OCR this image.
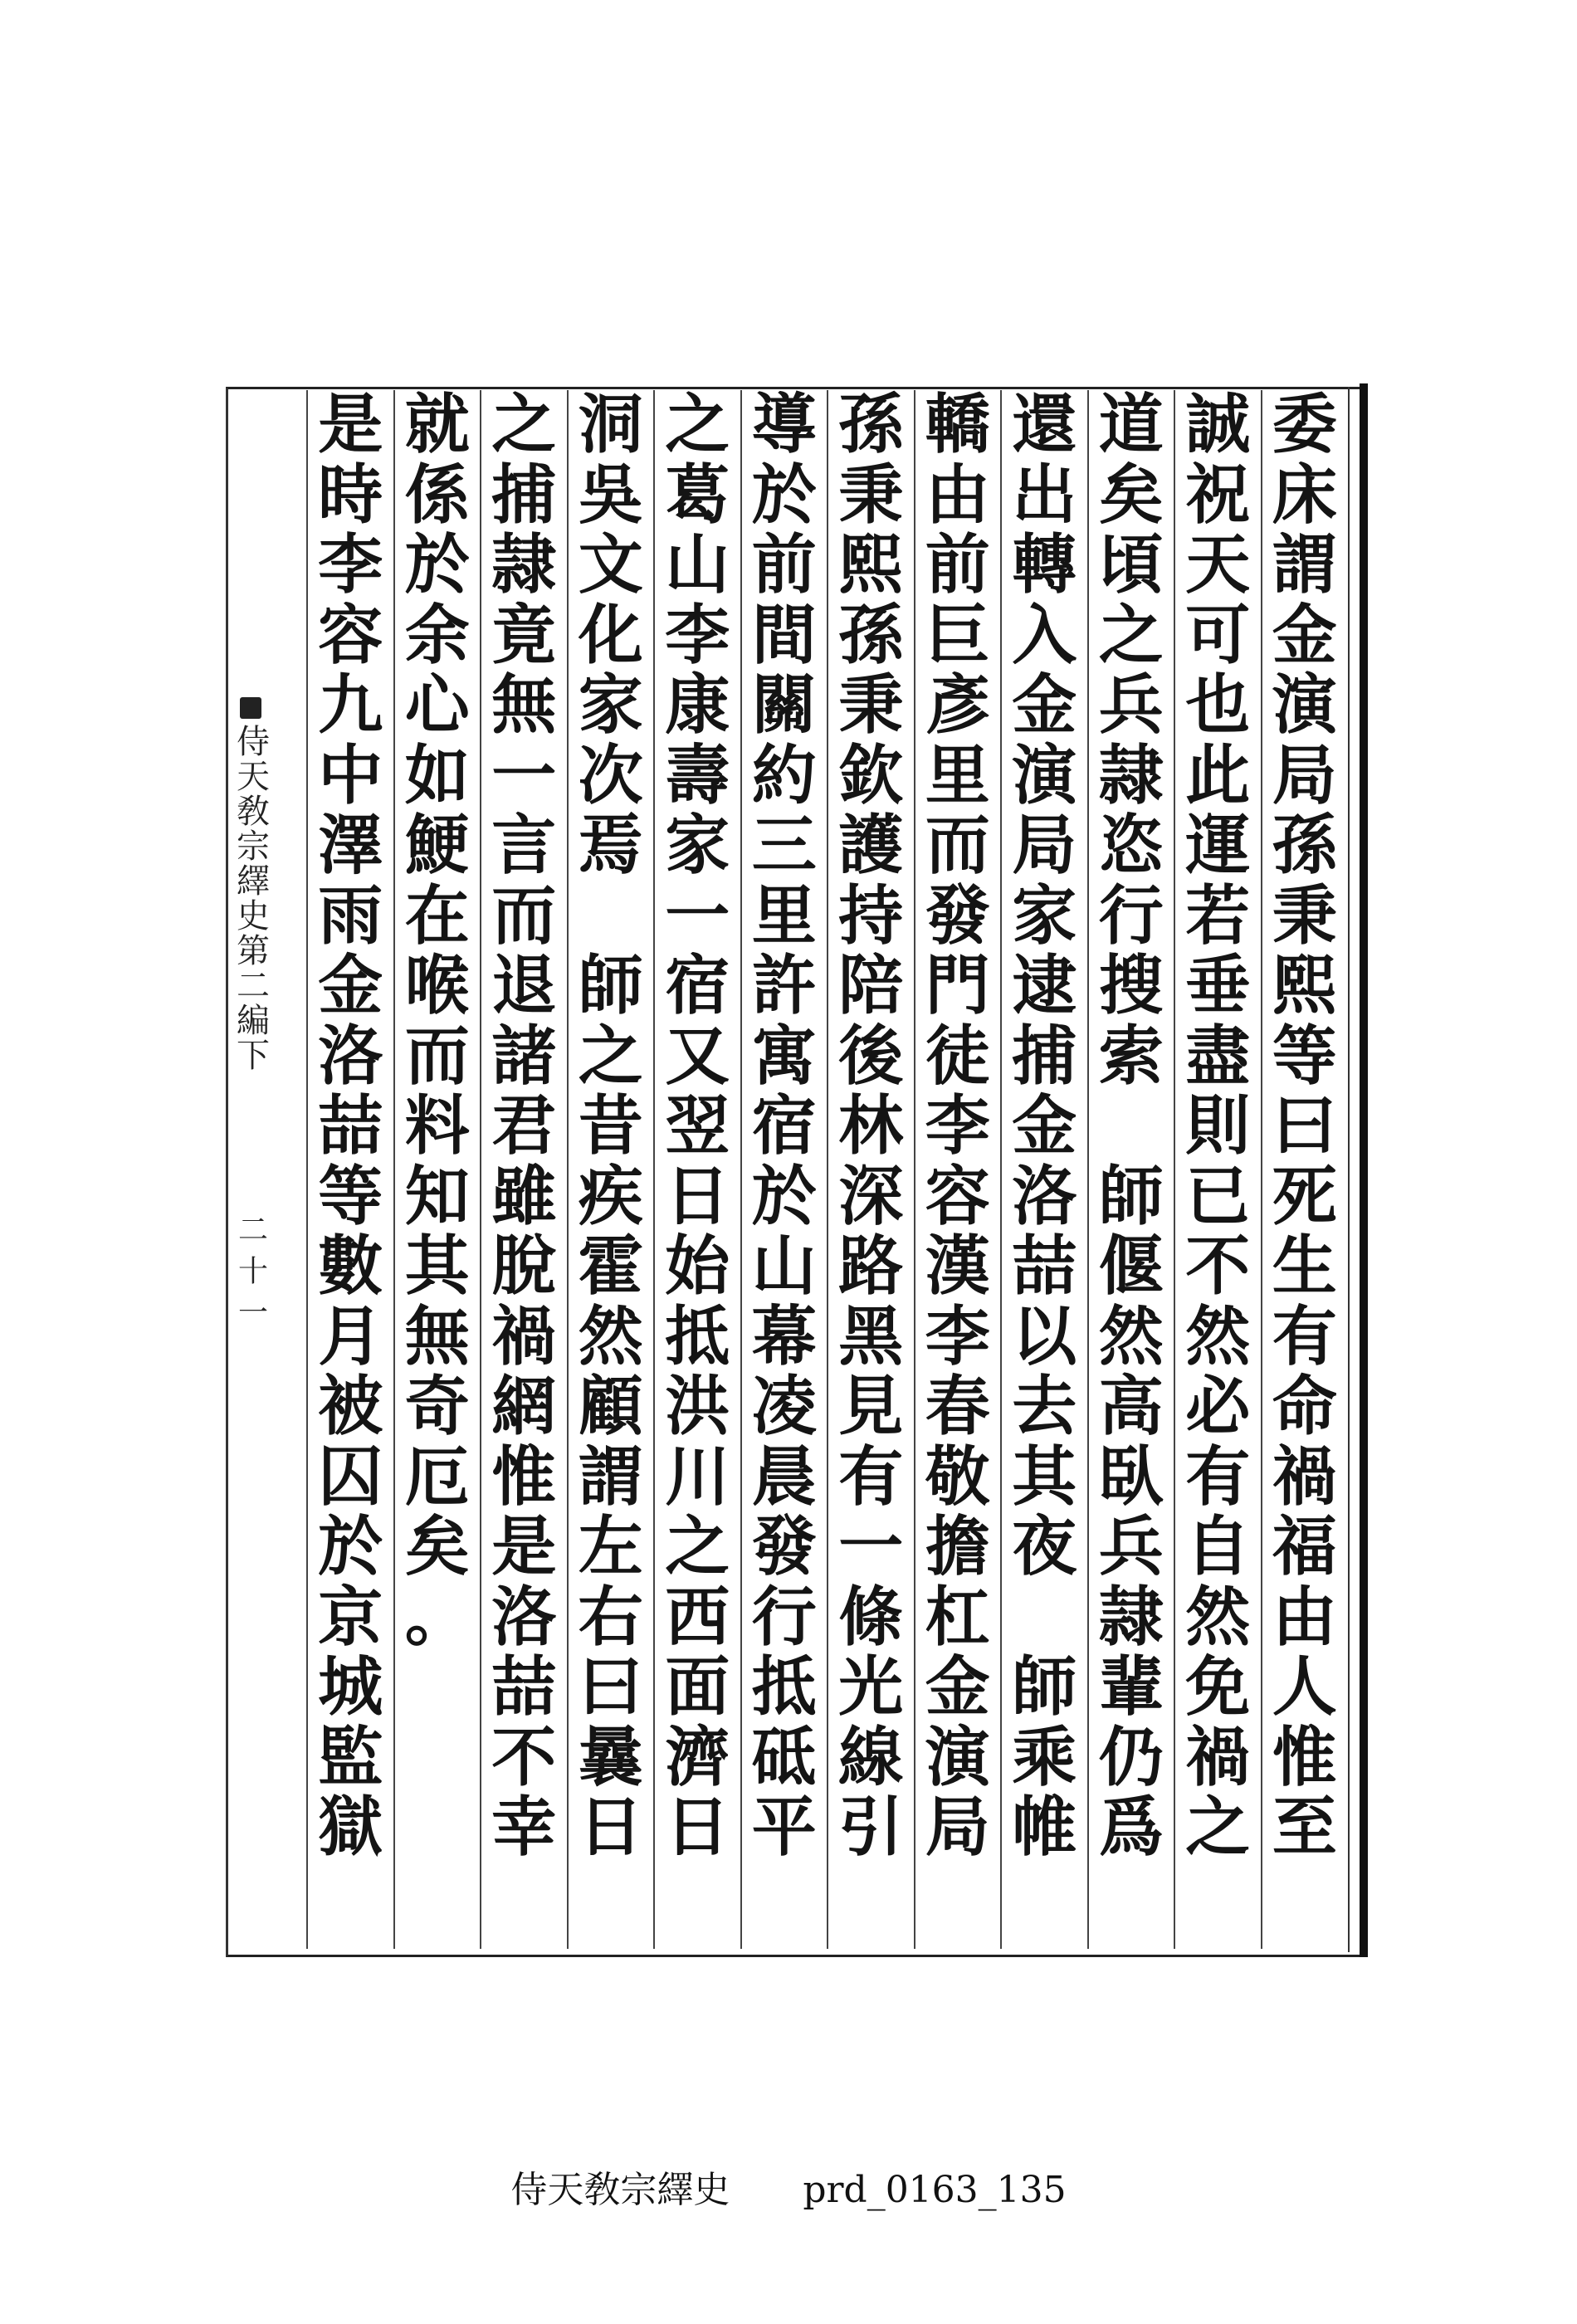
委
床
謂
金
演
局
孫
秉
熙
等
曰
死
生
有
命
禍
福
由
人
惟
至
誠
祝
天
可
也
此
運
若
垂
盡
則
已
不
然
必
有
自
然
免
禍
之
道
矣
頃
之
兵
隷
恣
行
搜
索
師
偃
然
高
臥
兵
隷
輩
仍
爲
還
出
轉
入
金
演
局
家
逮
捕
金
洛
喆
以
去
其
夜
師
乘
帷
轎
由
前
巨
彥
里
而
發
門
徒
李
容
漢
李
春
敬
擔
杠
金
演
局
孫
秉
熙
孫
秉
欽
護
持
陪
後
林
深
路
黑
見
有
一
條
光
線
引
導
於
前
間
關
約
三
里
許
寓
宿
於
山
幕
凌
晨
發
行
抵
砥
平
之
葛
山
李
康
壽
家
一
宿
又
翌
日
始
抵
洪
川
之
西
面
濟
日
洞
吳
文
化
家
次
焉
師
之
昔
疾
霍
然
顧
謂
左
右
曰
曩
日
之
捕
隷
竟
無
一
言
而
退
諸
君
雖
脫
禍
網
惟
是
洛
喆
不
幸
就
係
於
余
心
如
鯁
在
喉
而
料
知
其
無
奇
厄
矣
。
是
時
李
容
九
中
澤
雨
金
洛
喆
等
數
月
被
囚
於
京
城
監
獄
侍天敎宗繹史第二編下
二十一
侍天敎宗繹史　　prd_0163_135
